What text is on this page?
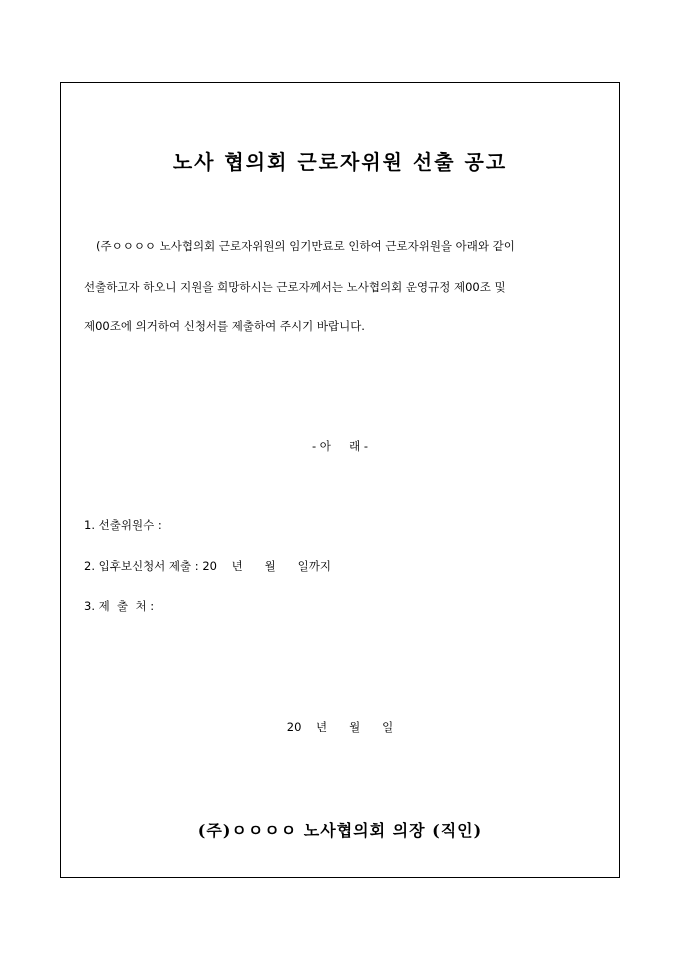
노사 협의회 근로자위원 선출 공고
(주ㅇㅇㅇㅇ 노사협의회 근로자위원의 임기만료로 인하여 근로자위원을 아래와 같이
선출하고자 하오니 지원을 희망하시는 근로자께서는 노사협의회 운영규정 제00조 및
제00조에 의거하여 신청서를 제출하여 주시기 바랍니다.
- 아     래 -
1. 선출위원수 :
2. 입후보신청서 제출 : 20    년      월      일까지
3. 제  출  처 :
20    년      월      일
(주)ㅇㅇㅇㅇ 노사협의회 의장 (직인)
